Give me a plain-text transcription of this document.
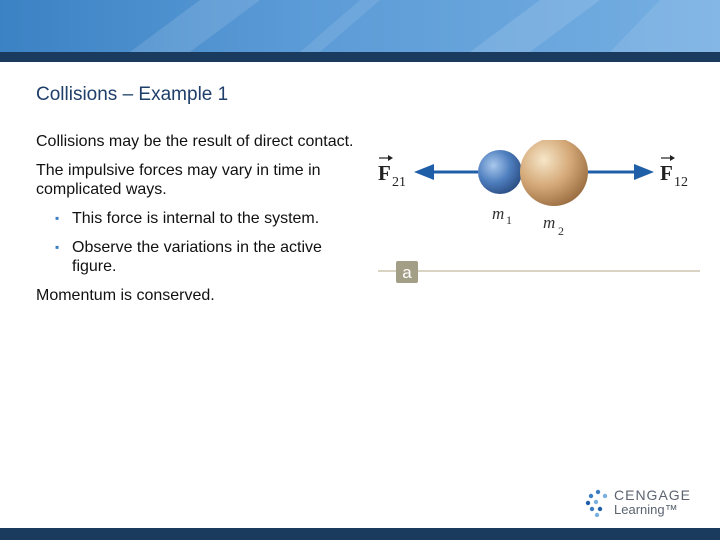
Collisions – Example 1

Collisions may be the result of direct contact.

The impulsive forces may vary in time in complicated ways.

▪ This force is internal to the system.
▪ Observe the variations in the active figure.

Momentum is conserved.

F 21	F 12
m 1 m 2
a
CENGAGE
Learning™
